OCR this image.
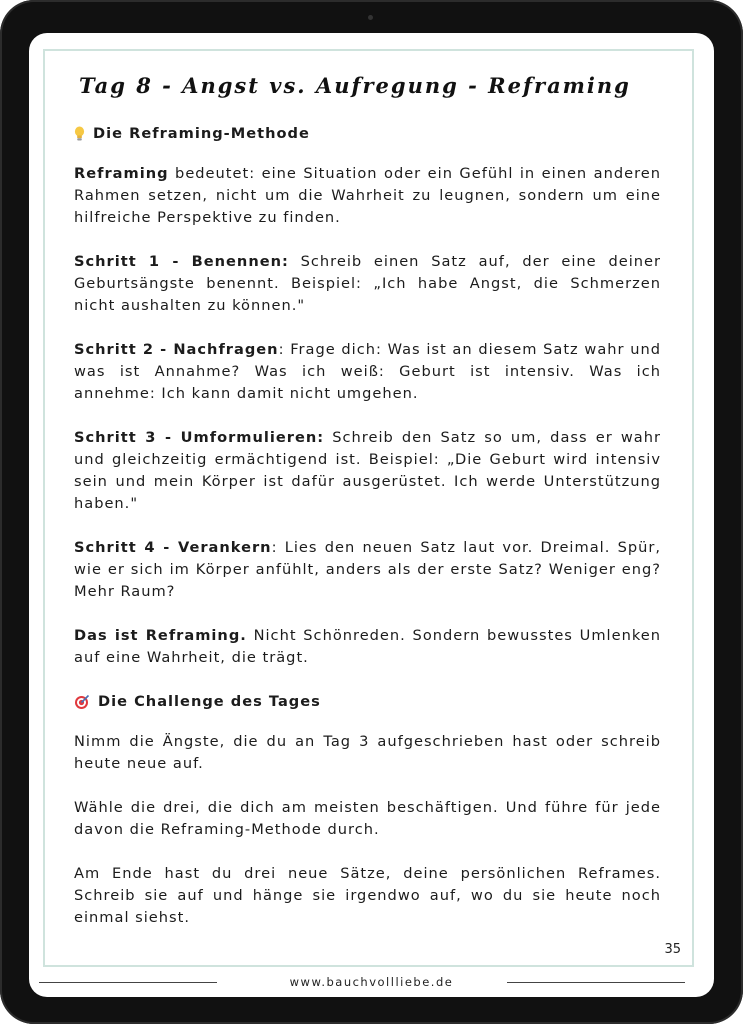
Tag 8 - Angst vs. Aufregung - Reframing
Die Reframing-Methode

Reframing bedeutet: eine Situation oder ein Gefühl in einen anderen Rahmen setzen, nicht um die Wahrheit zu leugnen, sondern um eine hilfreiche Perspektive zu finden.

Schritt 1 - Benennen: Schreib einen Satz auf, der eine deiner Geburtsängste benennt. Beispiel: „Ich habe Angst, die Schmerzen nicht aushalten zu können."

Schritt 2 - Nachfragen: Frage dich: Was ist an diesem Satz wahr und was ist Annahme? Was ich weiß: Geburt ist intensiv. Was ich annehme: Ich kann damit nicht umgehen.

Schritt 3 - Umformulieren: Schreib den Satz so um, dass er wahr und gleichzeitig ermächtigend ist. Beispiel: „Die Geburt wird intensiv sein und mein Körper ist dafür ausgerüstet. Ich werde Unterstützung haben."

Schritt 4 - Verankern: Lies den neuen Satz laut vor. Dreimal. Spür, wie er sich im Körper anfühlt, anders als der erste Satz? Weniger eng? Mehr Raum?

Das ist Reframing. Nicht Schönreden. Sondern bewusstes Umlenken auf eine Wahrheit, die trägt.

Die Challenge des Tages

Nimm die Ängste, die du an Tag 3 aufgeschrieben hast oder schreib heute neue auf.

Wähle die drei, die dich am meisten beschäftigen. Und führe für jede davon die Reframing-Methode durch.

Am Ende hast du drei neue Sätze, deine persönlichen Reframes. Schreib sie auf und hänge sie irgendwo auf, wo du sie heute noch einmal siehst.

35
www.bauchvollliebe.de
